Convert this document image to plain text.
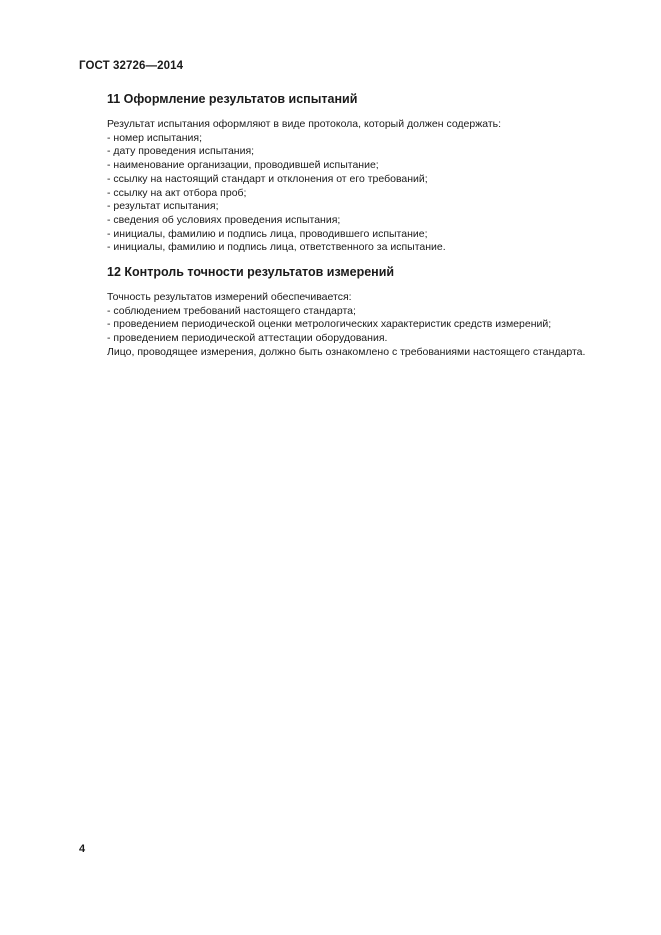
ГОСТ 32726—2014
11 Оформление результатов испытаний

Результат испытания оформляют в виде протокола, который должен содержать:

- номер испытания;
- дату проведения испытания;
- наименование организации, проводившей испытание;
- ссылку на настоящий стандарт и отклонения от его требований;
- ссылку на акт отбора проб;
- результат испытания;
- сведения об условиях проведения испытания;
- инициалы, фамилию и подпись лица, проводившего испытание;
- инициалы, фамилию и подпись лица, ответственного за испытание.
12 Контроль точности результатов измерений

Точность результатов измерений обеспечивается:

- соблюдением требований настоящего стандарта;
- проведением периодической оценки метрологических характеристик средств измерений;
- проведением периодической аттестации оборудования.

Лицо, проводящее измерения, должно быть ознакомлено с требованиями настоящего стандарта.

4
